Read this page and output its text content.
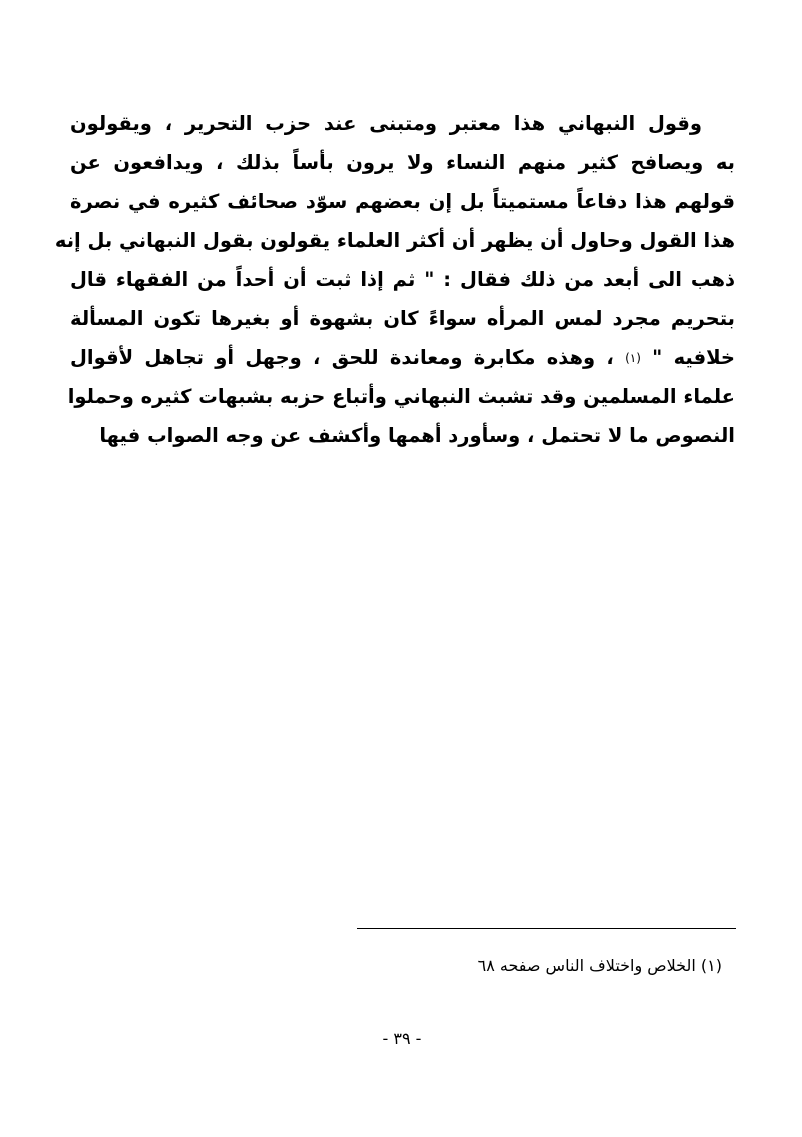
وقول النبهاني هذا معتبر ومتبنى عند حزب التحرير ، ويقولون
به ويصافح كثير منهم النساء ولا يرون بأساً بذلك ، ويدافعون عن
قولهم هذا دفاعاً مستميتاً بل إن بعضهم سوّد صحائف كثيره في نصرة
هذا القول وحاول أن يظهر أن أكثر العلماء يقولون بقول النبهاني بل إنه
ذهب الى أبعد من ذلك فقال : " ثم إذا ثبت أن أحداً من الفقهاء قال
بتحريم مجرد لمس المرأه سواءً كان بشهوة أو بغيرها تكون المسألة
خلافيه " (١) ، وهذه مكابرة ومعاندة للحق ، وجهل أو تجاهل لأقوال
علماء المسلمين وقد تشبث النبهاني وأتباع حزبه بشبهات كثيره وحملوا
النصوص ما لا تحتمل ، وسأورد أهمها وأكشف عن وجه الصواب فيها
(١) الخلاص واختلاف الناس صفحه ٦٨
- ٣٩ -
